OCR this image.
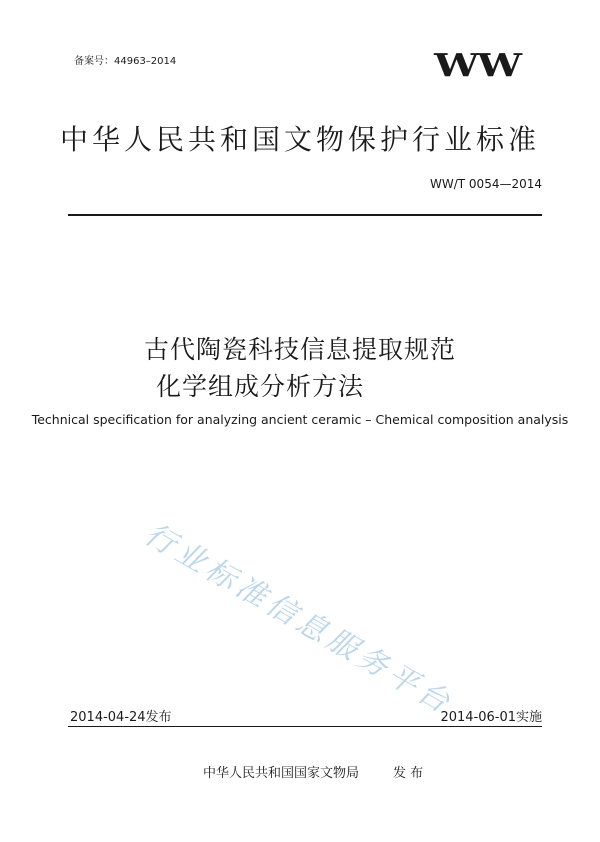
备案号：44963–2014	WW
中华人民共和国文物保护行业标准
WW/T 0054—2014
古代陶瓷科技信息提取规范
化学组成分析方法
Technical specification for analyzing ancient ceramic – Chemical composition analysis
行业标准信息服务平台
2014-04-24发布	2014-06-01实施
中华人民共和国国家文物局	发 布
